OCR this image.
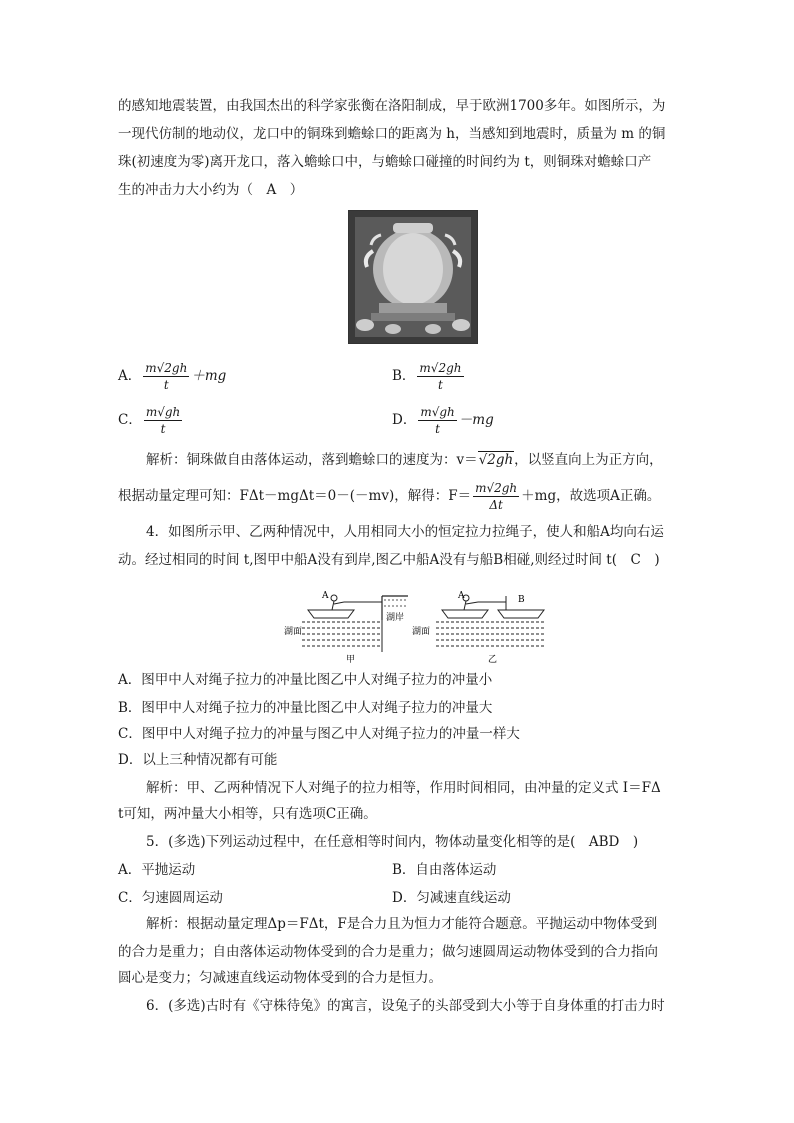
的感知地震装置，由我国杰出的科学家张衡在洛阳制成，早于欧洲1700多年。如图所示，为
一现代仿制的地动仪，龙口中的铜珠到蟾蜍口的距离为 h，当感知到地震时，质量为 m 的铜
珠(初速度为零)离开龙口，落入蟾蜍口中，与蟾蜍口碰撞的时间约为 t，则铜珠对蟾蜍口产
生的冲击力大小约为（　A　）
A． $\frac{m√2gh}{t} +mg$	B． $\frac{m√2gh}{t}$
C． $\frac{m√gh}{t}$	D． $\frac{m√gh}{t} -mg$
解析：铜珠做自由落体运动，落到蟾蜍口的速度为：v＝√2gh，以竖直向上为正方向，
根据动量定理可知：FΔt－mgΔt＝0－(－mv)，解得：$F= \frac{m√2gh}{\Delta t} +mg$，故选项A正确。
4．如图所示甲、乙两种情况中，人用相同大小的恒定拉力拉绳子，使人和船A均向右运
动。经过相同的时间 t,图甲中船A没有到岸,图乙中船A没有与船B相碰,则经过时间 t(　C　)
A
湖岸
湖面
甲
A	B
湖面
乙
A．图甲中人对绳子拉力的冲量比图乙中人对绳子拉力的冲量小
B．图甲中人对绳子拉力的冲量比图乙中人对绳子拉力的冲量大
C．图甲中人对绳子拉力的冲量与图乙中人对绳子拉力的冲量一样大
D．以上三种情况都有可能
解析：甲、乙两种情况下人对绳子的拉力相等，作用时间相同，由冲量的定义式 I＝FΔ
t可知，两冲量大小相等，只有选项C正确。
5．(多选)下列运动过程中，在任意相等时间内，物体动量变化相等的是(　ABD　)
A．平抛运动	B．自由落体运动
C．匀速圆周运动	D．匀减速直线运动
解析：根据动量定理Δp＝FΔt，F是合力且为恒力才能符合题意。平抛运动中物体受到
的合力是重力；自由落体运动物体受到的合力是重力；做匀速圆周运动物体受到的合力指向
圆心是变力；匀减速直线运动物体受到的合力是恒力。
6．(多选)古时有《守株待兔》的寓言，设兔子的头部受到大小等于自身体重的打击力时
